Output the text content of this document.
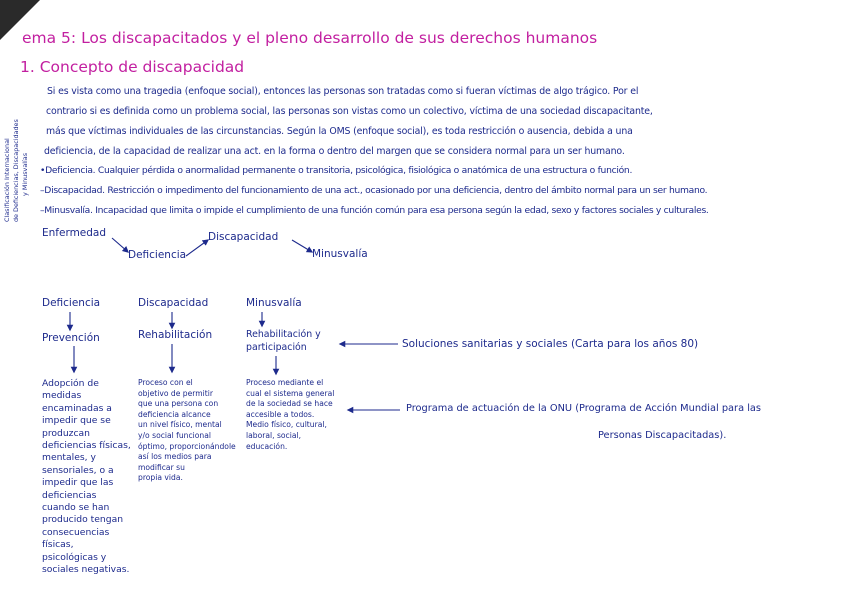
ema 5: Los discapacitados y el pleno desarrollo de sus derechos humanos
1. Concepto de discapacidad
Si es vista como una tragedia (enfoque social), entonces las personas son tratadas como si fueran víctimas de algo trágico. Por el
contrario si es definida como un problema social, las personas son vistas como un colectivo, víctima de una sociedad discapacitante,
más que víctimas individuales de las circunstancias. Según la OMS (enfoque social), es toda restricción o ausencia, debida a una
deficiencia, de la capacidad de realizar una act. en la forma o dentro del margen que se considera normal para un ser humano.
Clasificación Internacional de Deficiencias, Discapacidades y Minusvalías •Deficiencia. Cualquier pérdida o anormalidad permanente o transitoria, psicológica, fisiológica o anatómica de una estructura o función.
–Discapacidad. Restricción o impedimento del funcionamiento de una act., ocasionado por una deficiencia, dentro del ámbito normal para un ser humano.
–Minusvalía. Incapacidad que limita o impide el cumplimiento de una función común para esa persona según la edad, sexo y factores sociales y culturales.
Enfermedad
Deficiencia
Discapacidad
Minusvalía
Deficiencia
Prevención
Adopción de
medidas
encaminadas a
impedir que se
produzcan
deficiencias físicas,
mentales, y
sensoriales, o a
impedir que las
deficiencias
cuando se han
producido tengan
consecuencias
físicas,
psicológicas y
sociales negativas.
Discapacidad
Rehabilitación
Proceso con el
objetivo de permitir
que una persona con
deficiencia alcance
un nivel físico, mental
y/o social funcional
óptimo, proporcionándole
así los medios para
modificar su
propia vida.
Minusvalía
Rehabilitación y
participación
Proceso mediante el
cual el sistema general
de la sociedad se hace
accesible a todos.
Medio físico, cultural,
laboral, social,
educación.
Soluciones sanitarias y sociales (Carta para los años 80)
Programa de actuación de la ONU (Programa de Acción Mundial para las
Personas Discapacitadas).
